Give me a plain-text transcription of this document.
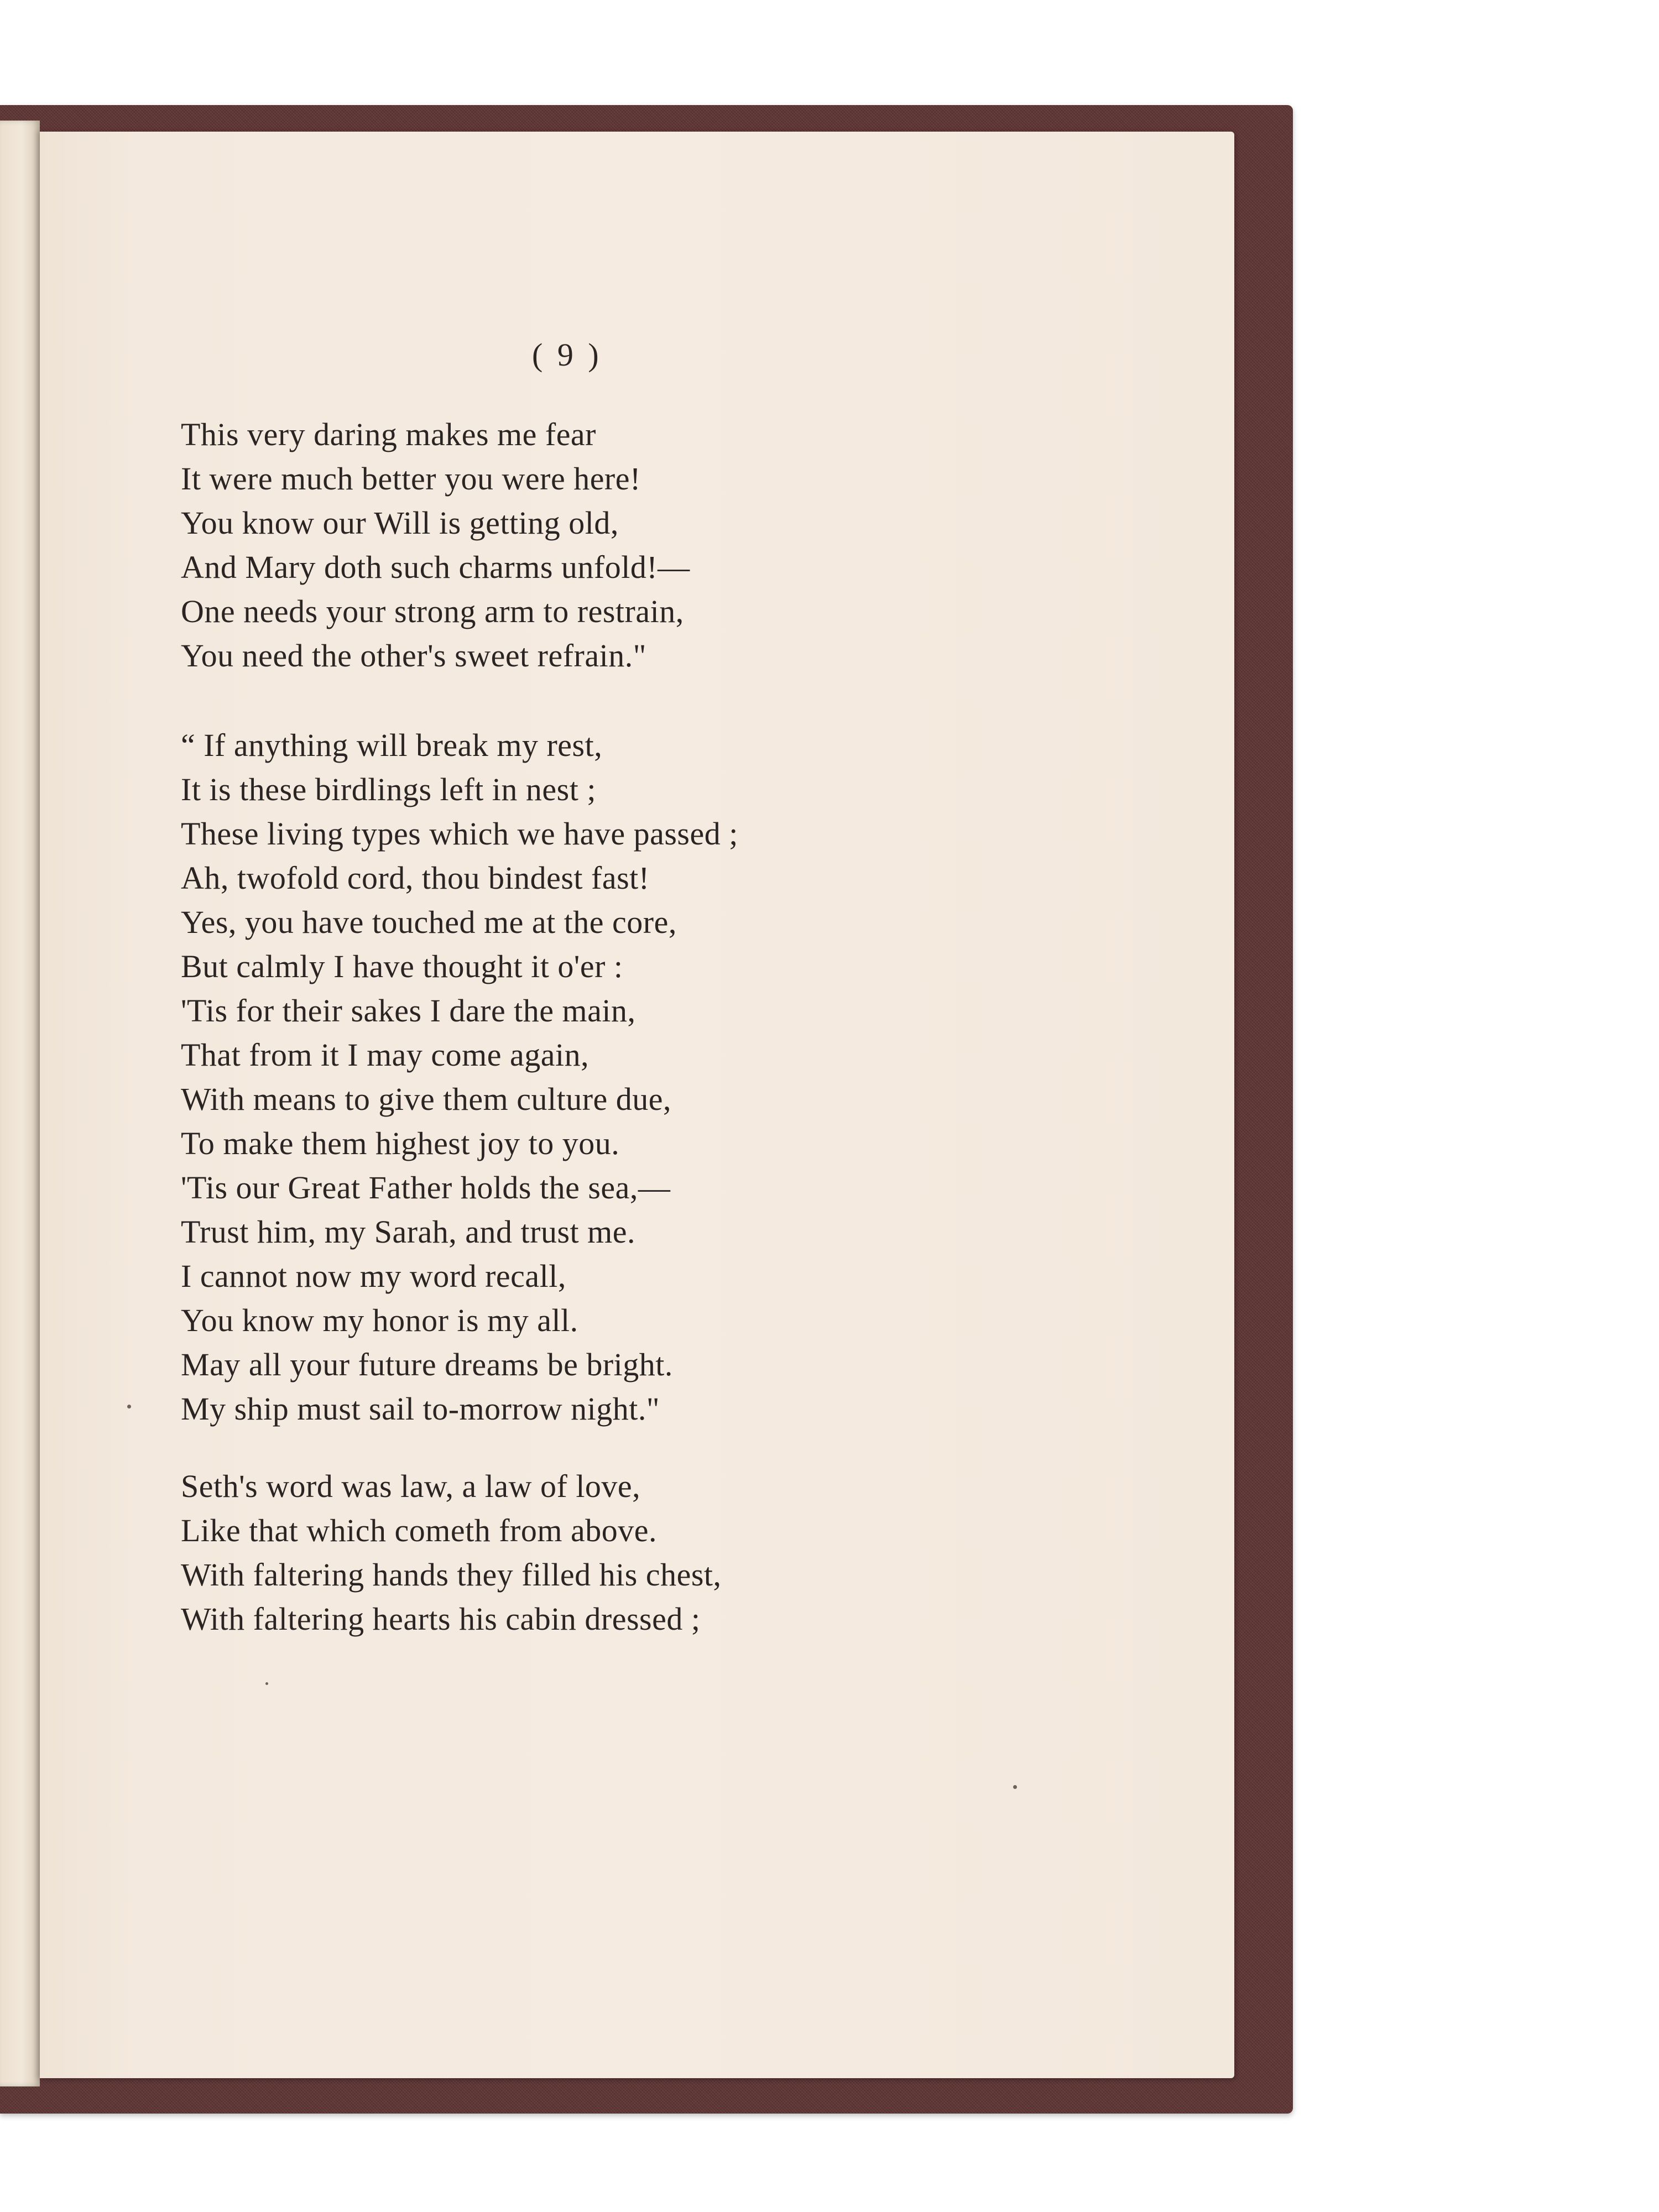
( 9 )
This very daring makes me fear
It were much better you were here!
You know our Will is getting old,
And Mary doth such charms unfold!—
One needs your strong arm to restrain,
You need the other's sweet refrain."
“ If anything will break my rest,
It is these birdlings left in nest ;
These living types which we have passed ;
Ah, twofold cord, thou bindest fast!
Yes, you have touched me at the core,
But calmly I have thought it o'er :
'Tis for their sakes I dare the main,
That from it I may come again,
With means to give them culture due,
To make them highest joy to you.
'Tis our Great Father holds the sea,—
Trust him, my Sarah, and trust me.
I cannot now my word recall,
You know my honor is my all.
May all your future dreams be bright.
My ship must sail to-morrow night."
Seth's word was law, a law of love,
Like that which cometh from above.
With faltering hands they filled his chest,
With faltering hearts his cabin dressed ;
